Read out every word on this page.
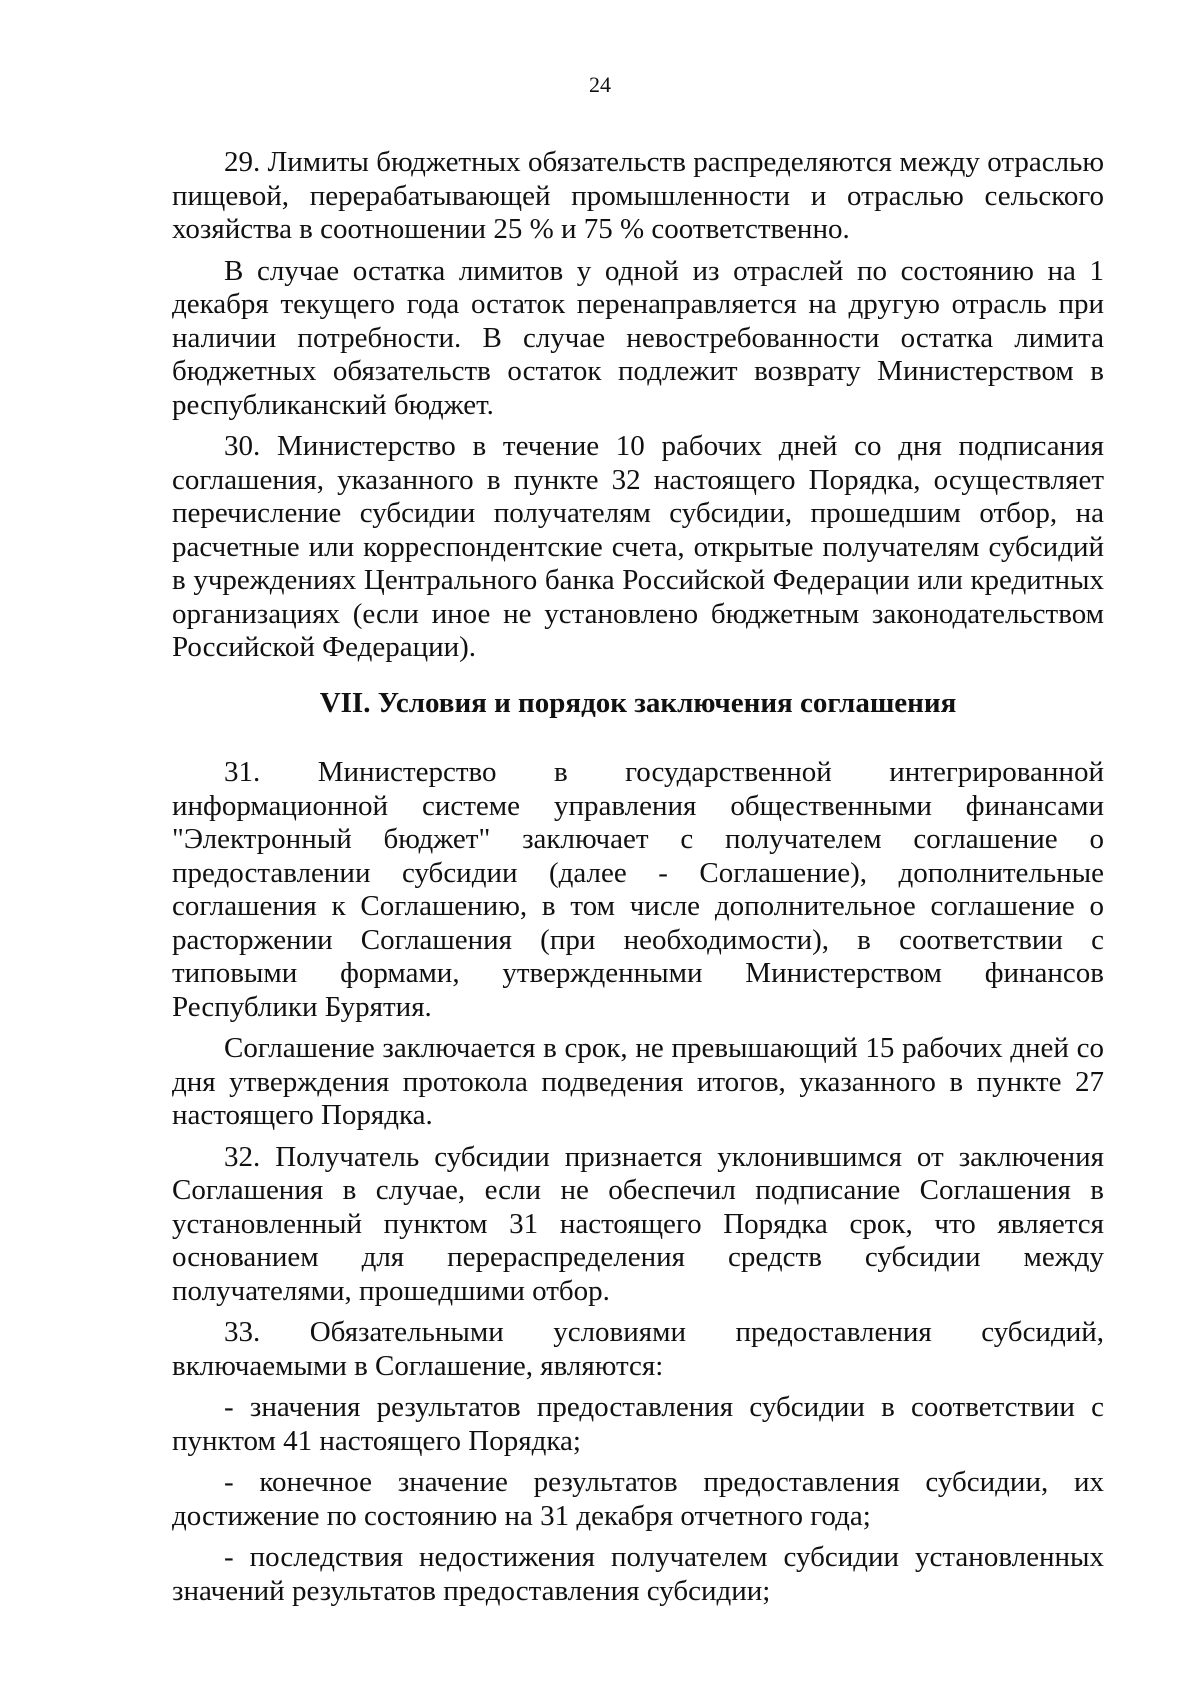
24

29. Лимиты бюджетных обязательств распределяются между отраслью пищевой, перерабатывающей промышленности и отраслью сельского хозяйства в соотношении 25 % и 75 % соответственно.

В случае остатка лимитов у одной из отраслей по состоянию на 1 декабря текущего года остаток перенаправляется на другую отрасль при наличии потребности. В случае невостребованности остатка лимита бюджетных обязательств остаток подлежит возврату Министерством в республиканский бюджет.

30. Министерство в течение 10 рабочих дней со дня подписания соглашения, указанного в пункте 32 настоящего Порядка, осуществляет перечисление субсидии получателям субсидии, прошедшим отбор, на расчетные или корреспондентские счета, открытые получателям субсидий в учреждениях Центрального банка Российской Федерации или кредитных организациях (если иное не установлено бюджетным законодательством Российской Федерации).

VII. Условия и порядок заключения соглашения

31. Министерство в государственной интегрированной информационной системе управления общественными финансами "Электронный бюджет" заключает с получателем соглашение о предоставлении субсидии (далее - Соглашение), дополнительные соглашения к Соглашению, в том числе дополнительное соглашение о расторжении Соглашения (при необходимости), в соответствии с типовыми формами, утвержденными Министерством финансов Республики Бурятия.

Соглашение заключается в срок, не превышающий 15 рабочих дней со дня утверждения протокола подведения итогов, указанного в пункте 27 настоящего Порядка.

32. Получатель субсидии признается уклонившимся от заключения Соглашения в случае, если не обеспечил подписание Соглашения в установленный пунктом 31 настоящего Порядка срок, что является основанием для перераспределения средств субсидии между получателями, прошедшими отбор.

33. Обязательными условиями предоставления субсидий, включаемыми в Соглашение, являются:

- значения результатов предоставления субсидии в соответствии с пунктом 41 настоящего Порядка;

- конечное значение результатов предоставления субсидии, их достижение по состоянию на 31 декабря отчетного года;

- последствия недостижения получателем субсидии установленных значений результатов предоставления субсидии;
